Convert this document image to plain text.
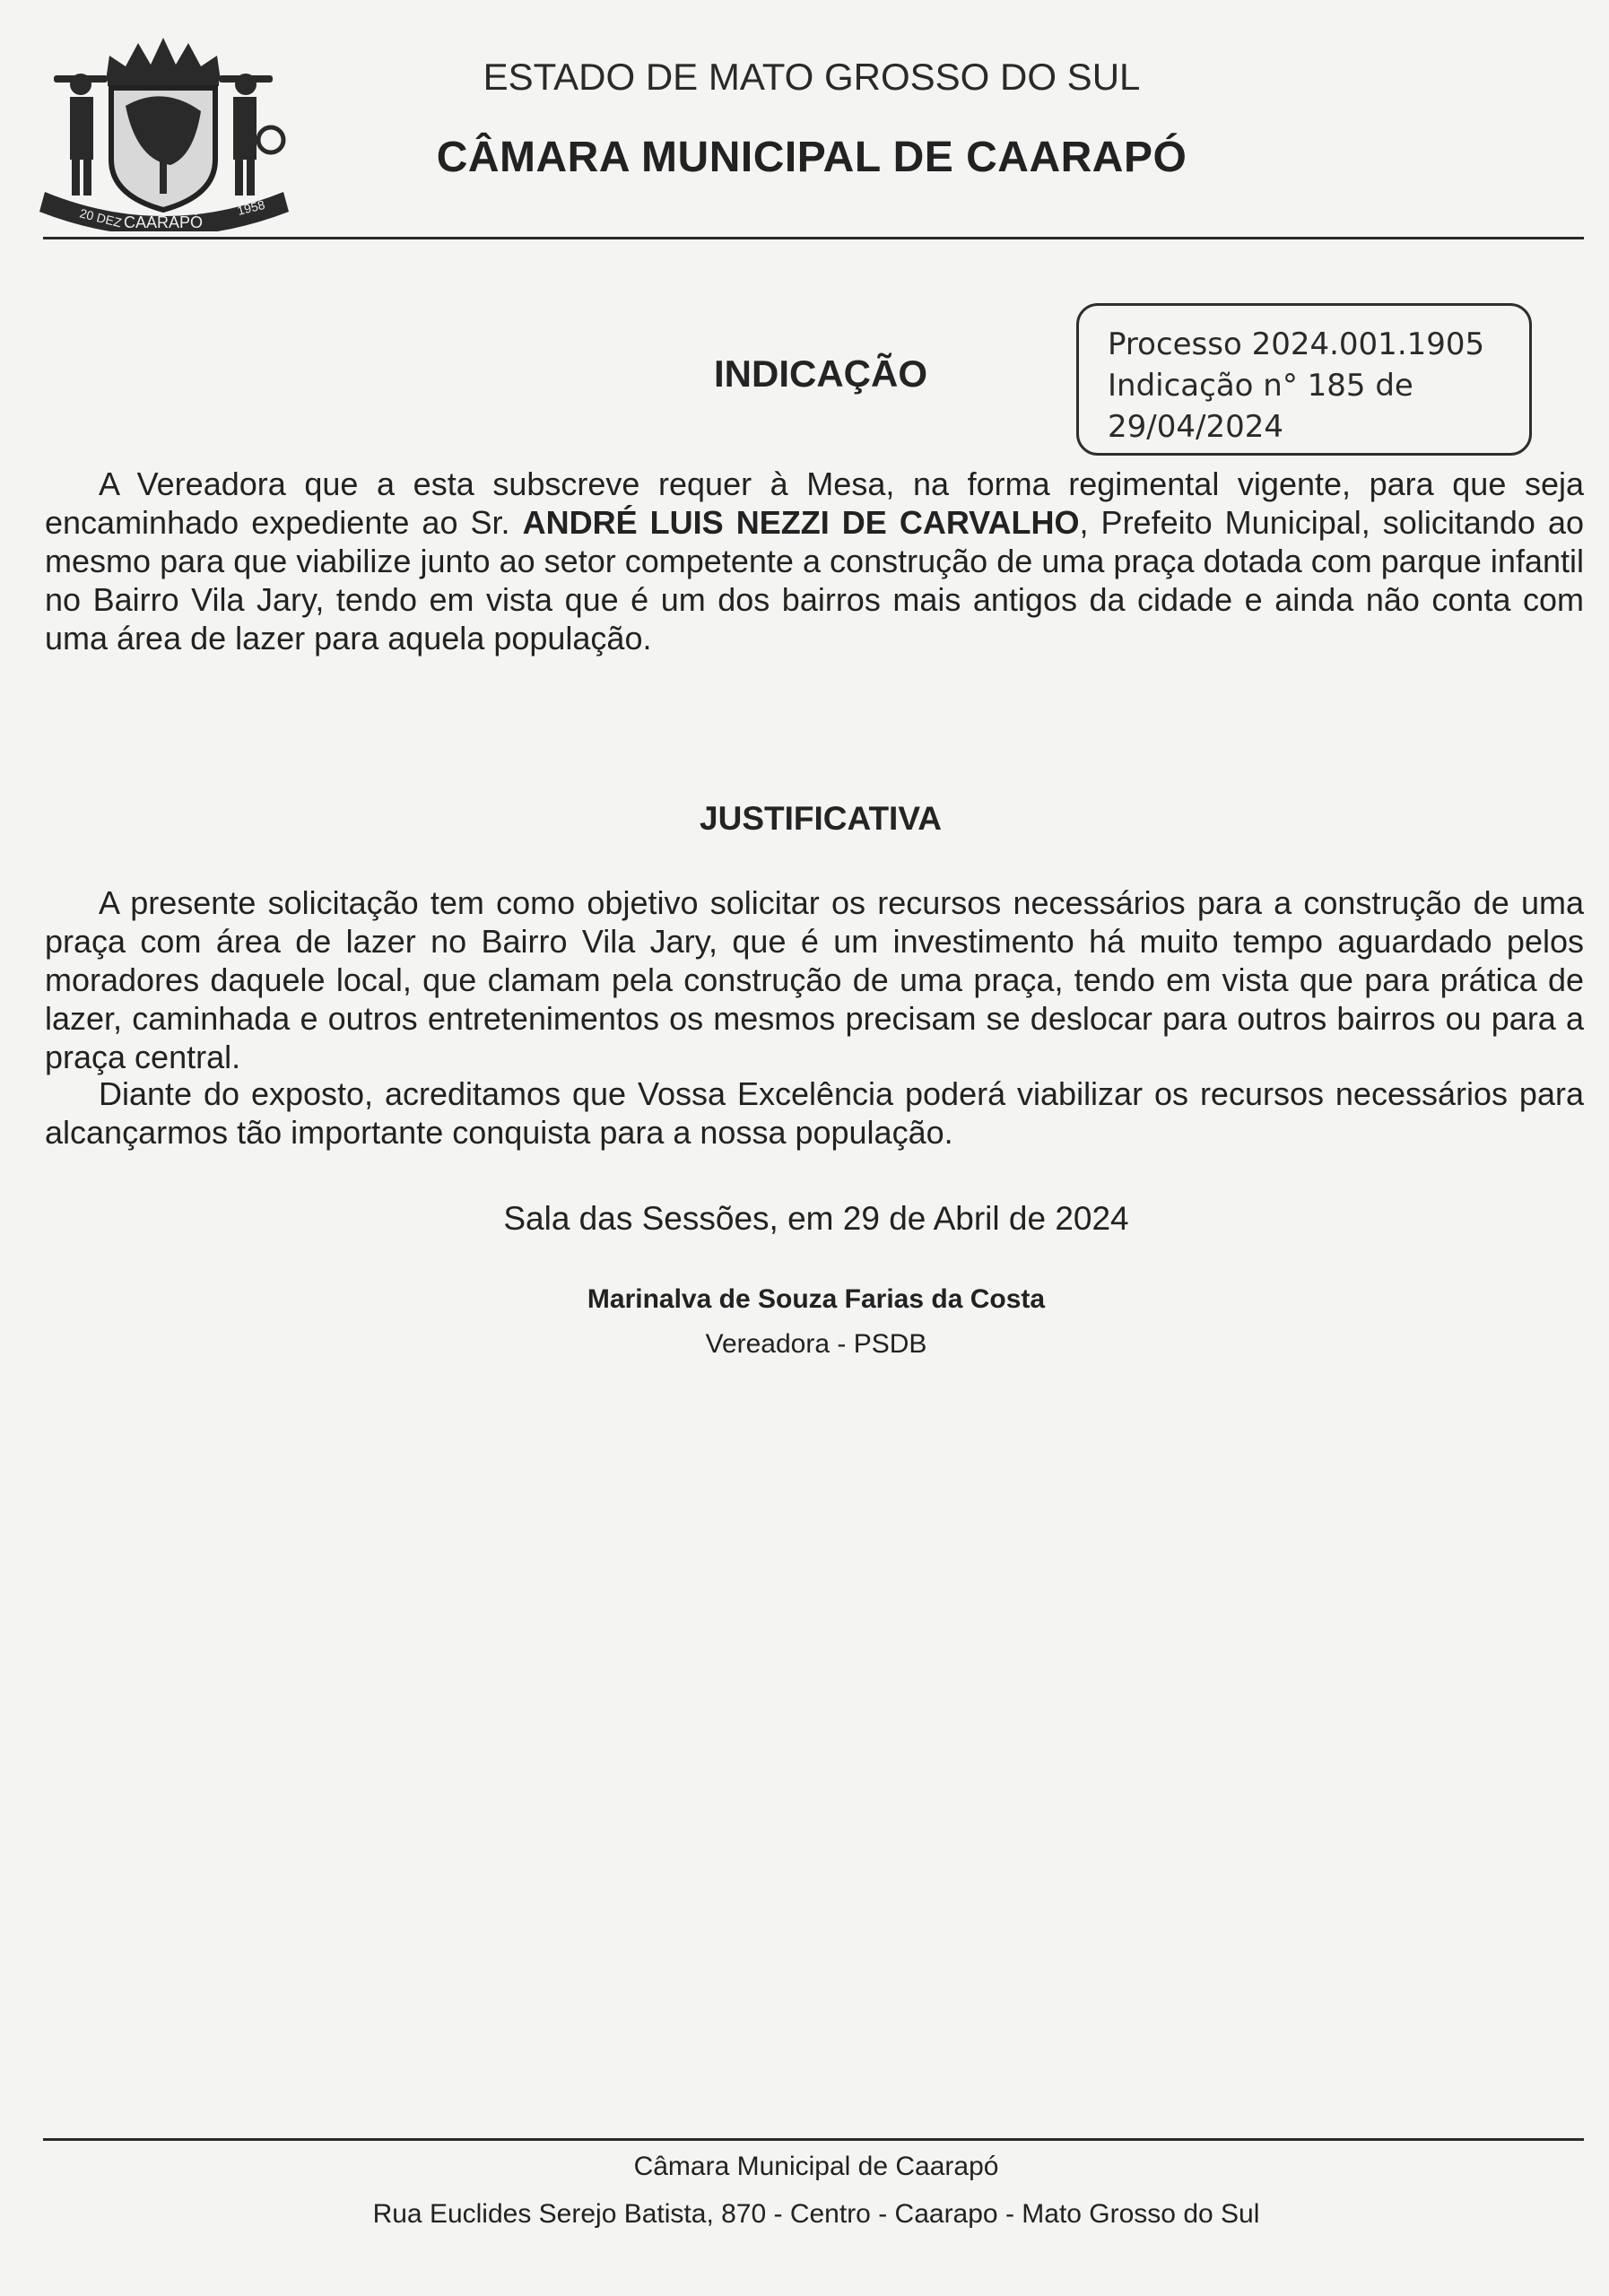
20 DEZ CAARAPÓ
1958
ESTADO DE MATO GROSSO DO SUL
CÂMARA MUNICIPAL DE CAARAPÓ
Processo 2024.001.1905
Indicação n° 185 de
29/04/2024
INDICAÇÃO
A Vereadora que a esta subscreve requer à Mesa, na forma regimental vigente, para que seja encaminhado expediente ao Sr. ANDRÉ LUIS NEZZI DE CARVALHO, Prefeito Municipal, solicitando ao mesmo para que viabilize junto ao setor competente a construção de uma praça dotada com parque infantil no Bairro Vila Jary, tendo em vista que é um dos bairros mais antigos da cidade e ainda não conta com uma área de lazer para aquela população.
JUSTIFICATIVA
A presente solicitação tem como objetivo solicitar os recursos necessários para a construção de uma praça com área de lazer no Bairro Vila Jary, que é um investimento há muito tempo aguardado pelos moradores daquele local, que clamam pela construção de uma praça, tendo em vista que para prática de lazer, caminhada e outros entretenimentos os mesmos precisam se deslocar para outros bairros ou para a praça central.
Diante do exposto, acreditamos que Vossa Excelência poderá viabilizar os recursos necessários para alcançarmos tão importante conquista para a nossa população.
Sala das Sessões, em 29 de Abril de 2024
Marinalva de Souza Farias da Costa
Vereadora - PSDB
Câmara Municipal de Caarapó
Rua Euclides Serejo Batista, 870 - Centro - Caarapo - Mato Grosso do Sul
